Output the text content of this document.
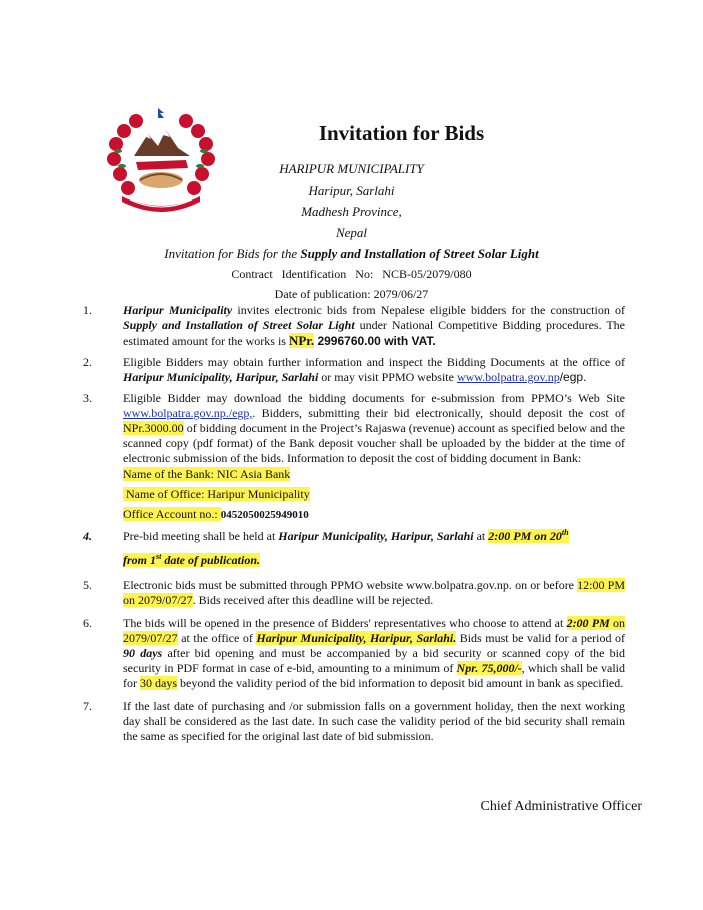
Invitation for Bids
HARIPUR MUNICIPALITY
Haripur, Sarlahi
Madhesh Province,
Nepal
Invitation for Bids for the Supply and Installation of Street Solar Light
Contract   Identification   No:   NCB-05/2079/080
Date of publication: 2079/06/27
1.	Haripur Municipality invites electronic bids from Nepalese eligible bidders for the construction of Supply and Installation of Street Solar Light under National Competitive Bidding procedures. The estimated amount for the works is NPr. 2996760.00 with VAT.
2.	Eligible Bidders may obtain further information and inspect the Bidding Documents at the office of Haripur Municipality, Haripur, Sarlahi or may visit PPMO website www.bolpatra.gov.np/egp.
3.	Eligible Bidder may download the bidding documents for e-submission from PPMO’s Web Site www.bolpatra.gov.np./egp,. Bidders, submitting their bid electronically, should deposit the cost of NPr.3000.00 of bidding document in the Project’s Rajaswa (revenue) account as specified below and the scanned copy (pdf format) of the Bank deposit voucher shall be uploaded by the bidder at the time of electronic submission of the bids. Information to deposit the cost of bidding document in Bank:
Name of the Bank: NIC Asia Bank
Name of Office: Haripur Municipality
Office Account no.: 0452050025949010
4.	Pre-bid meeting shall be held at Haripur Municipality, Haripur, Sarlahi at 2:00 PM on 20th
from 1st date of publication.
5.	Electronic bids must be submitted through PPMO website www.bolpatra.gov.np. on or before 12:00 PM on 2079/07/27. Bids received after this deadline will be rejected.
6.	The bids will be opened in the presence of Bidders' representatives who choose to attend at 2:00 PM on 2079/07/27 at the office of Haripur Municipality, Haripur, Sarlahi. Bids must be valid for a period of 90 days after bid opening and must be accompanied by a bid security or scanned copy of the bid security in PDF format in case of e-bid, amounting to a minimum of Npr. 75,000/-, which shall be valid for 30 days beyond the validity period of the bid information to deposit bid amount in bank as specified.
7.	If the last date of purchasing and /or submission falls on a government holiday, then the next working day shall be considered as the last date. In such case the validity period of the bid security shall remain the same as specified for the original last date of bid submission.
Chief Administrative Officer
